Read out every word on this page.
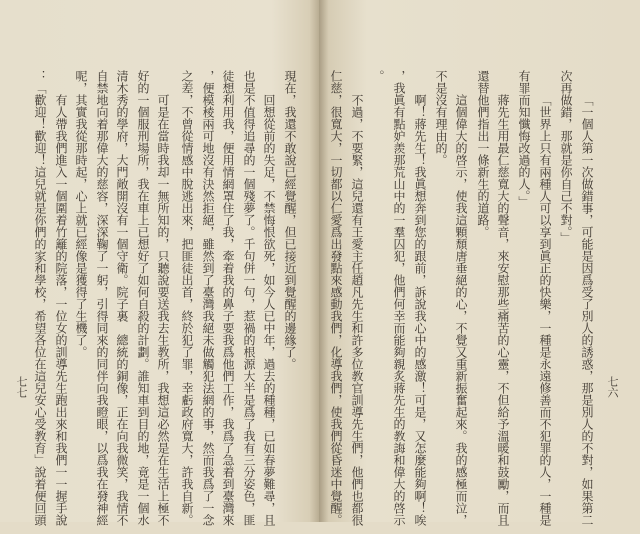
現在，我還不敢說已經覺醒，但已接近到覺醒的邊緣了。
回想從前的失足，不禁悔恨欲死，如今人已中年，過去的種種，已如春夢難尋，且
也是不值得追尋的一個殘夢了。千句併一句，惹禍的根源大半是爲了我有三分姿色，匪
徒想利用我，便用情網罩住了我，牽着我的鼻子要我爲他們工作，我爲了急着到臺灣來
，便模稜兩可地沒有決然拒絕，雖然到了臺灣我絕未做觸犯法網的事，然而我爲了一念
之差，不曾從情感中脫逃出來，把匪徒出首，終於犯了罪，幸虧政府寬大，許我自新。
可是在當時我却一無所知的，只聽說要送我去生教所，我想這必然是在生活上極不
好的一個服刑場所，我在車上已想好了如何自殺的計劃。誰知車到目的地，竟是一個水
清木秀的學府，大門敞開沒有一個守衛。院子裏　總統的銅像，正在向我微笑，我情不
自禁地向着那偉大的慈容，深深鞠了一躬，引得同來的同伴向我瞪眼，以爲我在發神經
呢，其實我從那時起，心上就已經像是獲得了生機了。
有人帶我們進入一個圍着竹籬的院落，一位女的訓導先生跑出來和我們一一握手說
：「歡迎！歡迎！這兒就是你們的家和學校，希望各位在這兒安心受教育」說着便回頭
七七	「一個人第一次做錯事，可能是因爲受了別人的誘惑，那是別人的不對，如果第二
次再做錯，那就是你自己不對。」
「世界上只有兩種人可以享到眞正的快樂，一種是永遠修善而不犯罪的人，一種是
有罪而知懺悔改過的人。」
蔣先生用最仁慈寬大的聲音，來安慰那些痛苦的心靈，不但給予溫暖和鼓勵，而且
還替他們指出一條新生的道路。
這個偉大的啓示，使我這顆頹唐垂絕的心，不覺又重新振奮起來。我的感極而泣，
不是沒有理由的。
啊！蔣先生！我眞想奔到您的跟前，訴說我心中的感激！可是，又怎麼能夠啊！唉
，我眞有點妒羨那荒山中的一羣囚犯，他們何幸而能夠親炙蔣先生的教誨和偉大的啓示
。
不過，不要緊，這兒還有王愛主任趙凡先生和許多位教官訓導先生們，他們也都很
仁慈，很寬大，一切都以仁愛爲出發點來感動我們，化導我們，使我們從昏迷中覺醒。	七六
